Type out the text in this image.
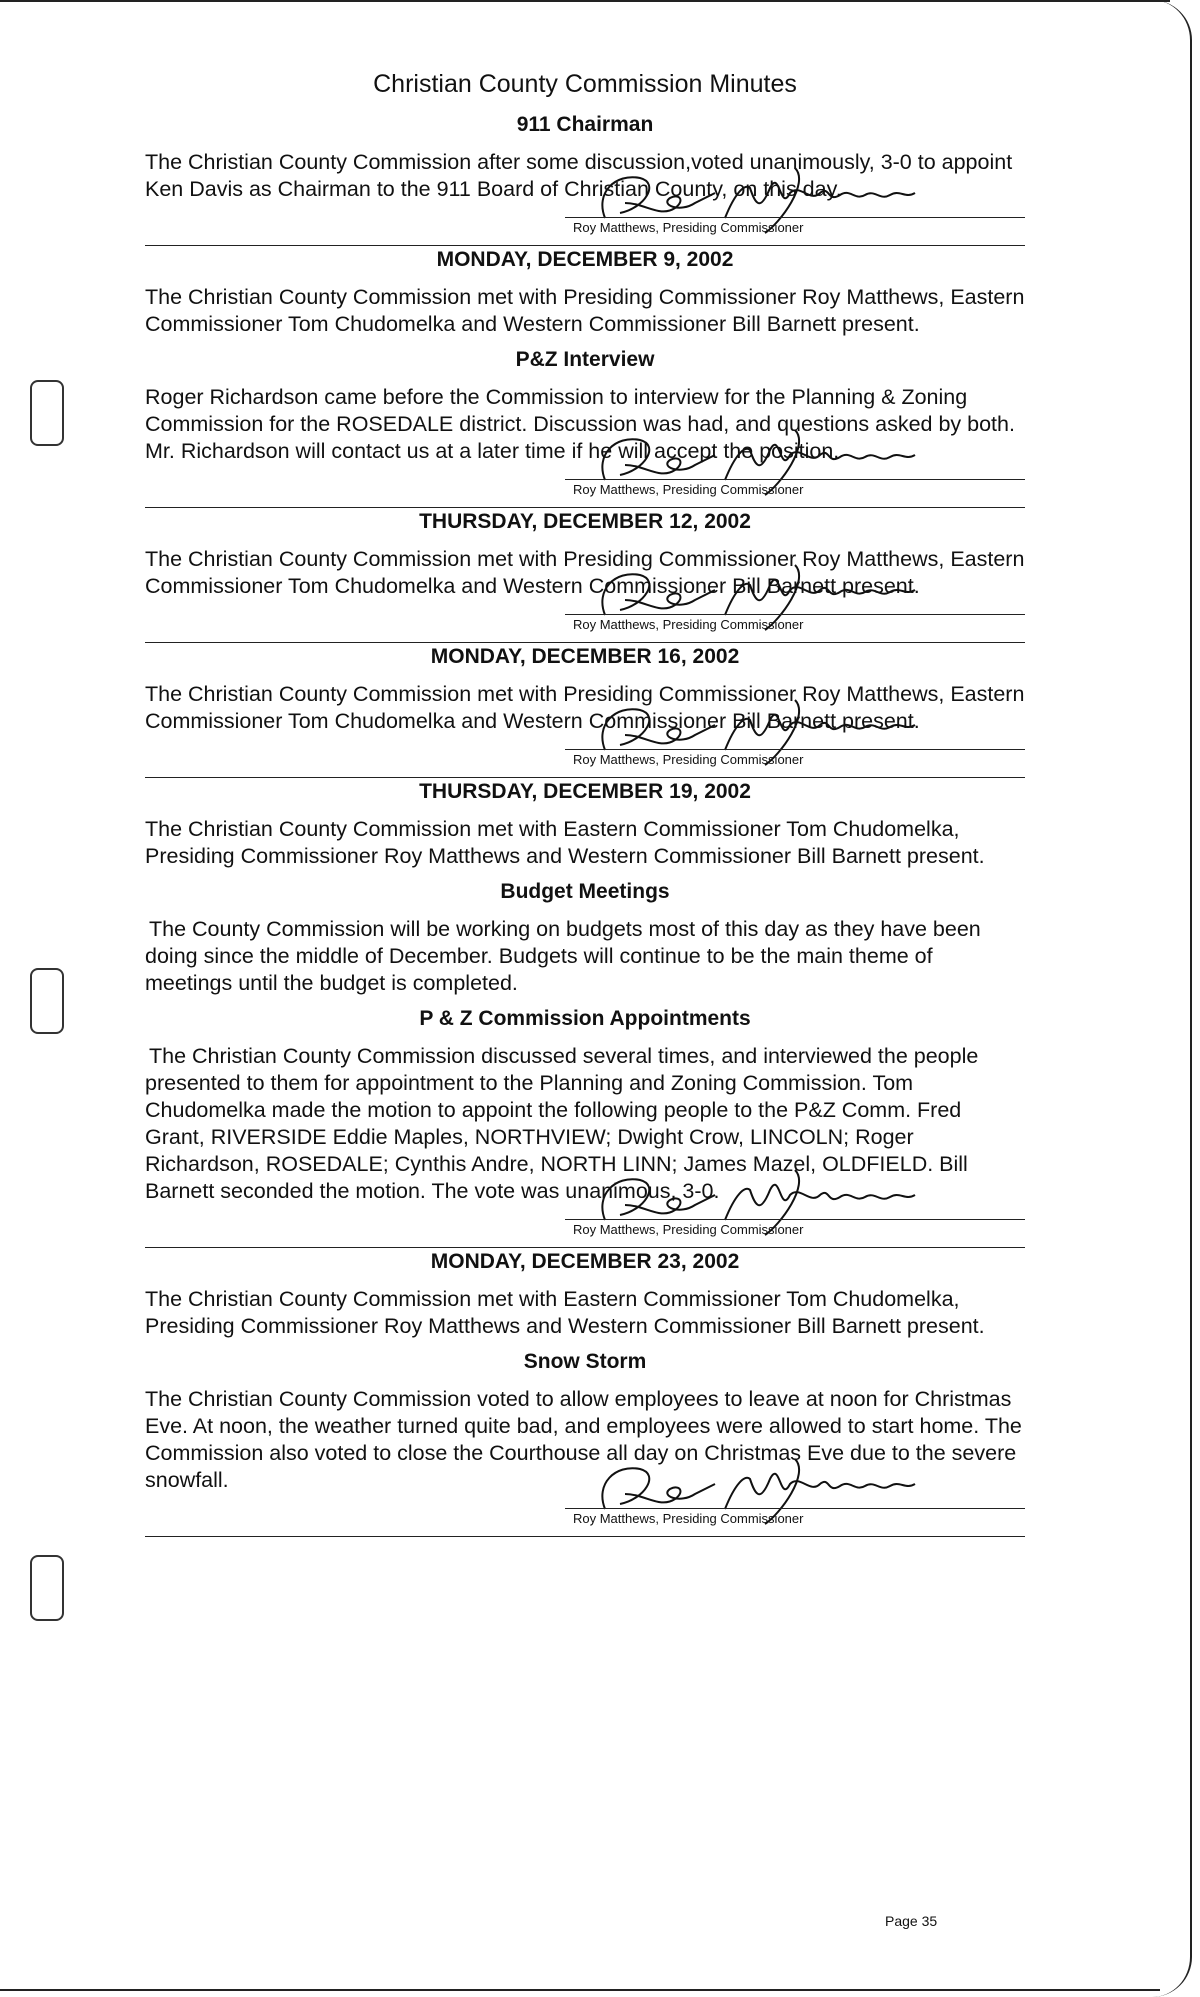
Christian County Commission Minutes
911 Chairman

The Christian County Commission after some discussion,voted unanimously, 3-0 to appoint Ken Davis as Chairman to the 911 Board of Christian County, on this day.

Roy Matthews, Presiding Commissioner
MONDAY, DECEMBER 9, 2002

The Christian County Commission met with Presiding Commissioner Roy Matthews, Eastern Commissioner Tom Chudomelka and Western Commissioner Bill Barnett present.

P&Z Interview

Roger Richardson came before the Commission to interview for the Planning & Zoning Commission for the ROSEDALE district. Discussion was had, and questions asked by both. Mr. Richardson will contact us at a later time if he will accept the position.

Roy Matthews, Presiding Commissioner
THURSDAY, DECEMBER 12, 2002

The Christian County Commission met with Presiding Commissioner Roy Matthews, Eastern Commissioner Tom Chudomelka and Western Commissioner Bill Barnett present.

Roy Matthews, Presiding Commissioner
MONDAY, DECEMBER 16, 2002

The Christian County Commission met with Presiding Commissioner Roy Matthews, Eastern Commissioner Tom Chudomelka and Western Commissioner Bill Barnett present.

Roy Matthews, Presiding Commissioner
THURSDAY, DECEMBER 19, 2002

The Christian County Commission met with Eastern Commissioner Tom Chudomelka, Presiding Commissioner Roy Matthews and Western Commissioner Bill Barnett present.

Budget Meetings

The County Commission will be working on budgets most of this day as they have been doing since the middle of December. Budgets will continue to be the main theme of meetings until the budget is completed.

P & Z Commission Appointments

The Christian County Commission discussed several times, and interviewed the people presented to them for appointment to the Planning and Zoning Commission. Tom Chudomelka made the motion to appoint the following people to the P&Z Comm. Fred Grant, RIVERSIDE Eddie Maples, NORTHVIEW; Dwight Crow, LINCOLN; Roger Richardson, ROSEDALE; Cynthis Andre, NORTH LINN; James Mazel, OLDFIELD. Bill Barnett seconded the motion. The vote was unanimous, 3-0.

Roy Matthews, Presiding Commissioner
MONDAY, DECEMBER 23, 2002

The Christian County Commission met with Eastern Commissioner Tom Chudomelka, Presiding Commissioner Roy Matthews and Western Commissioner Bill Barnett present.

Snow Storm

The Christian County Commission voted to allow employees to leave at noon for Christmas Eve. At noon, the weather turned quite bad, and employees were allowed to start home. The Commission also voted to close the Courthouse all day on Christmas Eve due to the severe snowfall.

Roy Matthews, Presiding Commissioner
Page 35
